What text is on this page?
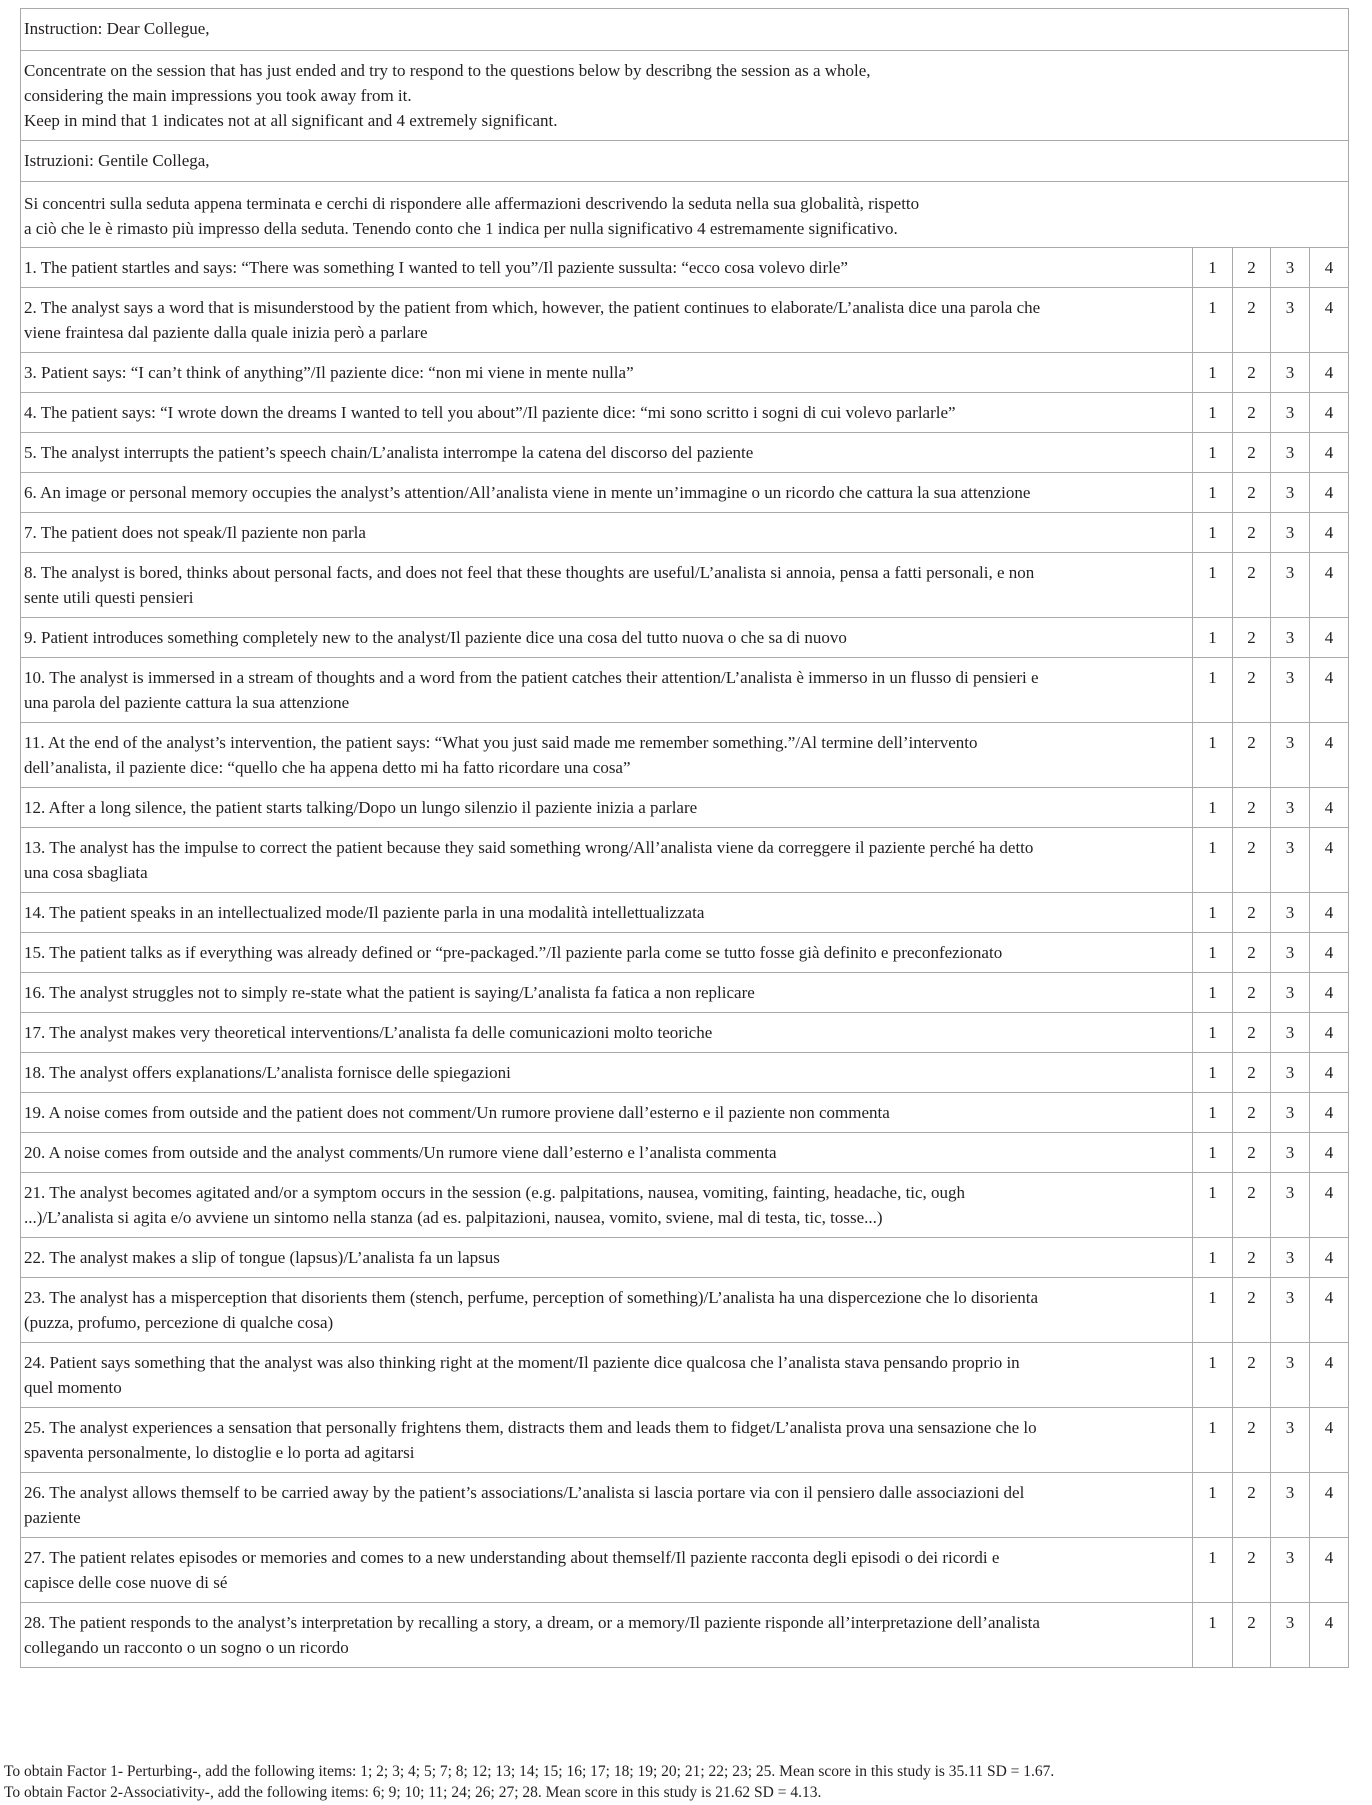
Instruction: Dear Collegue,				

Concentrate on the session that has just ended and try to respond to the questions below by describng the session as a whole,
considering the main impressions you took away from it.
Keep in mind that 1 indicates not at all significant and 4 extremely significant.				

Istruzioni: Gentile Collega,				

Si concentri sulla seduta appena terminata e cerchi di rispondere alle affermazioni descrivendo la seduta nella sua globalità, rispetto
a ciò che le è rimasto più impresso della seduta. Tenendo conto che 1 indica per nulla significativo 4 estremamente significativo.				

1. The patient startles and says: “There was something I wanted to tell you”/Il paziente sussulta: “ecco cosa volevo dirle”	1	2	3	4

2. The analyst says a word that is misunderstood by the patient from which, however, the patient continues to elaborate/L’analista dice una parola che
viene fraintesa dal paziente dalla quale inizia però a parlare	1	2	3	4

3. Patient says: “I can’t think of anything”/Il paziente dice: “non mi viene in mente nulla”	1	2	3	4

4. The patient says: “I wrote down the dreams I wanted to tell you about”/Il paziente dice: “mi sono scritto i sogni di cui volevo parlarle”	1	2	3	4

5. The analyst interrupts the patient’s speech chain/L’analista interrompe la catena del discorso del paziente	1	2	3	4

6. An image or personal memory occupies the analyst’s attention/All’analista viene in mente un’immagine o un ricordo che cattura la sua attenzione	1	2	3	4

7. The patient does not speak/Il paziente non parla	1	2	3	4

8. The analyst is bored, thinks about personal facts, and does not feel that these thoughts are useful/L’analista si annoia, pensa a fatti personali, e non
sente utili questi pensieri	1	2	3	4

9. Patient introduces something completely new to the analyst/Il paziente dice una cosa del tutto nuova o che sa di nuovo	1	2	3	4

10. The analyst is immersed in a stream of thoughts and a word from the patient catches their attention/L’analista è immerso in un flusso di pensieri e
una parola del paziente cattura la sua attenzione	1	2	3	4

11. At the end of the analyst’s intervention, the patient says: “What you just said made me remember something.”/Al termine dell’intervento
dell’analista, il paziente dice: “quello che ha appena detto mi ha fatto ricordare una cosa”	1	2	3	4

12. After a long silence, the patient starts talking/Dopo un lungo silenzio il paziente inizia a parlare	1	2	3	4

13. The analyst has the impulse to correct the patient because they said something wrong/All’analista viene da correggere il paziente perché ha detto
una cosa sbagliata	1	2	3	4

14. The patient speaks in an intellectualized mode/Il paziente parla in una modalità intellettualizzata	1	2	3	4

15. The patient talks as if everything was already defined or “pre-packaged.”/Il paziente parla come se tutto fosse già definito e preconfezionato	1	2	3	4

16. The analyst struggles not to simply re-state what the patient is saying/L’analista fa fatica a non replicare	1	2	3	4

17. The analyst makes very theoretical interventions/L’analista fa delle comunicazioni molto teoriche	1	2	3	4

18. The analyst offers explanations/L’analista fornisce delle spiegazioni	1	2	3	4

19. A noise comes from outside and the patient does not comment/Un rumore proviene dall’esterno e il paziente non commenta	1	2	3	4

20. A noise comes from outside and the analyst comments/Un rumore viene dall’esterno e l’analista commenta	1	2	3	4

21. The analyst becomes agitated and/or a symptom occurs in the session (e.g. palpitations, nausea, vomiting, fainting, headache, tic, ough
...)/L’analista si agita e/o avviene un sintomo nella stanza (ad es. palpitazioni, nausea, vomito, sviene, mal di testa, tic, tosse...)	1	2	3	4

22. The analyst makes a slip of tongue (lapsus)/L’analista fa un lapsus	1	2	3	4

23. The analyst has a misperception that disorients them (stench, perfume, perception of something)/L’analista ha una dispercezione che lo disorienta
(puzza, profumo, percezione di qualche cosa)	1	2	3	4

24. Patient says something that the analyst was also thinking right at the moment/Il paziente dice qualcosa che l’analista stava pensando proprio in
quel momento	1	2	3	4

25. The analyst experiences a sensation that personally frightens them, distracts them and leads them to fidget/L’analista prova una sensazione che lo
spaventa personalmente, lo distoglie e lo porta ad agitarsi	1	2	3	4

26. The analyst allows themself to be carried away by the patient’s associations/L’analista si lascia portare via con il pensiero dalle associazioni del
paziente	1	2	3	4

27. The patient relates episodes or memories and comes to a new understanding about themself/Il paziente racconta degli episodi o dei ricordi e
capisce delle cose nuove di sé	1	2	3	4

28. The patient responds to the analyst’s interpretation by recalling a story, a dream, or a memory/Il paziente risponde all’interpretazione dell’analista
collegando un racconto o un sogno o un ricordo	1	2	3	4
To obtain Factor 1- Perturbing-, add the following items: 1; 2; 3; 4; 5; 7; 8; 12; 13; 14; 15; 16; 17; 18; 19; 20; 21; 22; 23; 25. Mean score in this study is 35.11 SD = 1.67.
To obtain Factor 2-Associativity-, add the following items: 6; 9; 10; 11; 24; 26; 27; 28. Mean score in this study is 21.62 SD = 4.13.
